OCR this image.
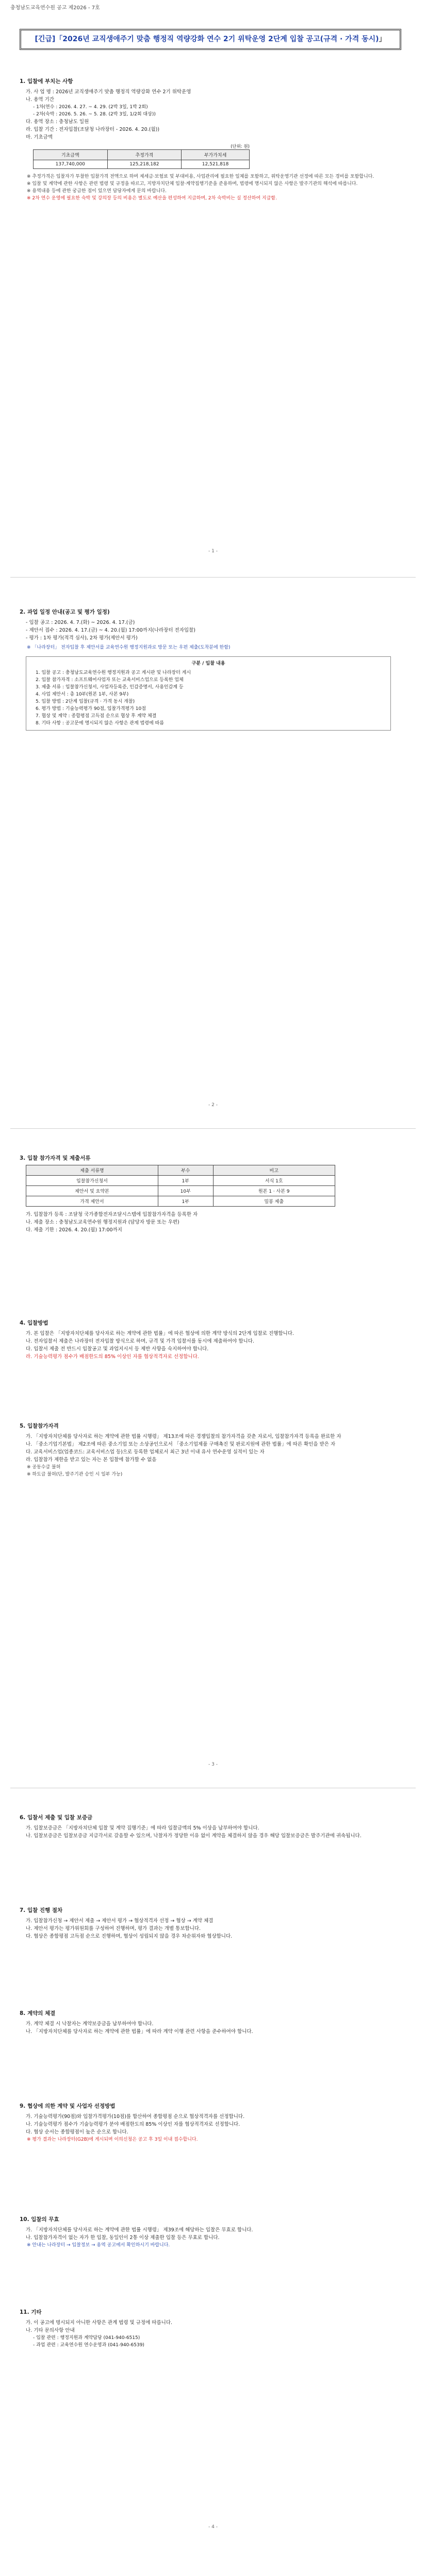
충청남도교육연수원 공고 제2026 - 7호
[긴급]「2026년 교직생애주기 맞춤 행정직 역량강화 연수 2기 위탁운영 2단계 입찰 공고(규격 · 가격 동시)」
1. 입찰에 부치는 사항
가. 사 업 명 : 2026년 교직생애주기 맞춤 행정직 역량강화 연수 2기 위탁운영
나. 용역 기간
- 1차(연수 : 2026. 4. 27. ~ 4. 29. (2박 3일, 1박 2회)
- 2차(숙박 : 2026. 5. 26. ~ 5. 28. (2박 3일, 1/2회 대상))
다. 용역 장소 : 충청남도 일원
라. 입찰 기간 : 전자입찰(조달청 나라장터 - 2026. 4. 20.(월))
마. 기초금액
(단위: 원)
기초금액	추정가격	부가가치세
137,740,000	125,218,182	12,521,818
※ 추정가격은 입찰자가 투찰한 입찰가격 전액으로 하며 제세금·보험료 및 부대비용, 사업관리에 필요한 일체를 포함하고, 위탁운영기관 선정에 따른 모든 경비를 포함합니다.
※ 입찰 및 계약에 관한 사항은 관련 법령 및 규정을 따르고, 지방자치단체 입찰·계약집행기준을 준용하며, 법령에 명시되지 않은 사항은 발주기관의 해석에 따릅니다.
※ 용역내용 등에 관한 궁금한 점이 있으면 담당자에게 문의 바랍니다.
※ 2차 연수 운영에 필요한 숙박 및 강의장 등의 비용은 별도로 예산을 편성하여 지급하며, 2차 숙박비는 실 정산하여 지급함.
- 1 -
2. 과업 일정 안내(공고 및 평가 일정)
- 입찰 공고 : 2026. 4. 7.(화) ~ 2026. 4. 17.(금)
- 제안서 접수 : 2026. 4. 17.(금) ~ 4. 20.(월) 17:00까지(나라장터 전자입찰)
- 평가 : 1차 평가(적격 심사), 2차 평가(제안서 평가)
※ 「나라장터」 전자입찰 후 제안서를 교육연수원 행정지원과로 방문 또는 우편 제출(도착분에 한함)
구분 / 입찰 내용
1. 입찰 공고 : 충청남도교육연수원 행정지원과 공고 게시판 및 나라장터 게시
2. 입찰 참가자격 : 소프트웨어사업자 또는 교육서비스업으로 등록한 업체
3. 제출 서류 : 입찰참가신청서, 사업자등록증, 인감증명서, 사용인감계 등
4. 사업 제안서 : 총 10부(원본 1부, 사본 9부)
5. 입찰 방법 : 2단계 입찰(규격 · 가격 동시 개찰)
6. 평가 방법 : 기술능력평가 90점, 입찰가격평가 10점
7. 협상 및 계약 : 종합평점 고득점 순으로 협상 후 계약 체결
8. 기타 사항 : 공고문에 명시되지 않은 사항은 관계 법령에 따름
- 2 -
3. 입찰 참가자격 및 제출서류
제출 서류명	부수	비고
입찰참가신청서	1부	서식 1호
제안서 및 요약본	10부	원본 1 · 사본 9
가격 제안서	1부	밀봉 제출
가. 입찰참가 등록 : 조달청 국가종합전자조달시스템에 입찰참가자격을 등록한 자
나. 제출 장소 : 충청남도교육연수원 행정지원과 (담당자 방문 또는 우편)
다. 제출 기한 : 2026. 4. 20.(월) 17:00까지
4. 입찰방법
가. 본 입찰은 「지방자치단체를 당사자로 하는 계약에 관한 법률」에 따른 협상에 의한 계약 방식의 2단계 입찰로 진행합니다.
나. 전자입찰서 제출은 나라장터 전자입찰 방식으로 하며, 규격 및 가격 입찰서를 동시에 제출하여야 합니다.
다. 입찰서 제출 전 반드시 입찰공고 및 과업지시서 등 제반 사항을 숙지하여야 합니다.
라. 기술능력평가 점수가 배점한도의 85% 이상인 자를 협상적격자로 선정합니다.
5. 입찰참가자격
가. 「지방자치단체를 당사자로 하는 계약에 관한 법률 시행령」 제13조에 따른 경쟁입찰의 참가자격을 갖춘 자로서, 입찰참가자격 등록을 완료한 자
나. 「중소기업기본법」 제2조에 따른 중소기업 또는 소상공인으로서 「중소기업제품 구매촉진 및 판로지원에 관한 법률」에 따른 확인을 받은 자
다. 교육서비스업(업종코드: 교육서비스업 등)으로 등록한 업체로서 최근 3년 이내 유사 연수운영 실적이 있는 자
라. 입찰참가 제한을 받고 있는 자는 본 입찰에 참가할 수 없음
※ 공동수급 불허
※ 하도급 불허(단, 발주기관 승인 시 일부 가능)
- 3 -
6. 입찰서 제출 및 입찰 보증금
가. 입찰보증금은 「지방자치단체 입찰 및 계약 집행기준」에 따라 입찰금액의 5% 이상을 납부하여야 합니다.
나. 입찰보증금은 입찰보증금 지급각서로 갈음할 수 있으며, 낙찰자가 정당한 이유 없이 계약을 체결하지 않을 경우 해당 입찰보증금은 발주기관에 귀속됩니다.
7. 입찰 진행 절차
가. 입찰참가신청 → 제안서 제출 → 제안서 평가 → 협상적격자 선정 → 협상 → 계약 체결
나. 제안서 평가는 평가위원회를 구성하여 진행하며, 평가 결과는 개별 통보합니다.
다. 협상은 종합평점 고득점 순으로 진행하며, 협상이 성립되지 않을 경우 차순위자와 협상합니다.
8. 계약의 체결
가. 계약 체결 시 낙찰자는 계약보증금을 납부하여야 합니다.
나. 「지방자치단체를 당사자로 하는 계약에 관한 법률」에 따라 계약 이행 관련 사항을 준수하여야 합니다.
9. 협상에 의한 계약 및 사업자 선정방법
가. 기술능력평가(90점)와 입찰가격평가(10점)를 합산하여 종합평점 순으로 협상적격자를 선정합니다.
나. 기술능력평가 점수가 기술능력평가 분야 배점한도의 85% 이상인 자를 협상적격자로 선정합니다.
다. 협상 순서는 종합평점이 높은 순으로 합니다.
※ 평가 결과는 나라장터(G2B)에 게시되며 이의신청은 공고 후 3일 이내 접수합니다.
10. 입찰의 무효
가. 「지방자치단체를 당사자로 하는 계약에 관한 법률 시행령」 제39조에 해당하는 입찰은 무효로 합니다.
나. 입찰참가자격이 없는 자가 한 입찰, 동일인이 2통 이상 제출한 입찰 등은 무효로 합니다.
※ 안내는 나라장터 → 입찰정보 → 용역 공고에서 확인하시기 바랍니다.
11. 기타
가. 이 공고에 명시되지 아니한 사항은 관계 법령 및 규정에 따릅니다.
나. 기타 문의사항 안내
- 입찰 관련 : 행정지원과 계약담당 (041-940-6515)
- 과업 관련 : 교육연수원 연수운영과 (041-940-6539)
- 4 -
